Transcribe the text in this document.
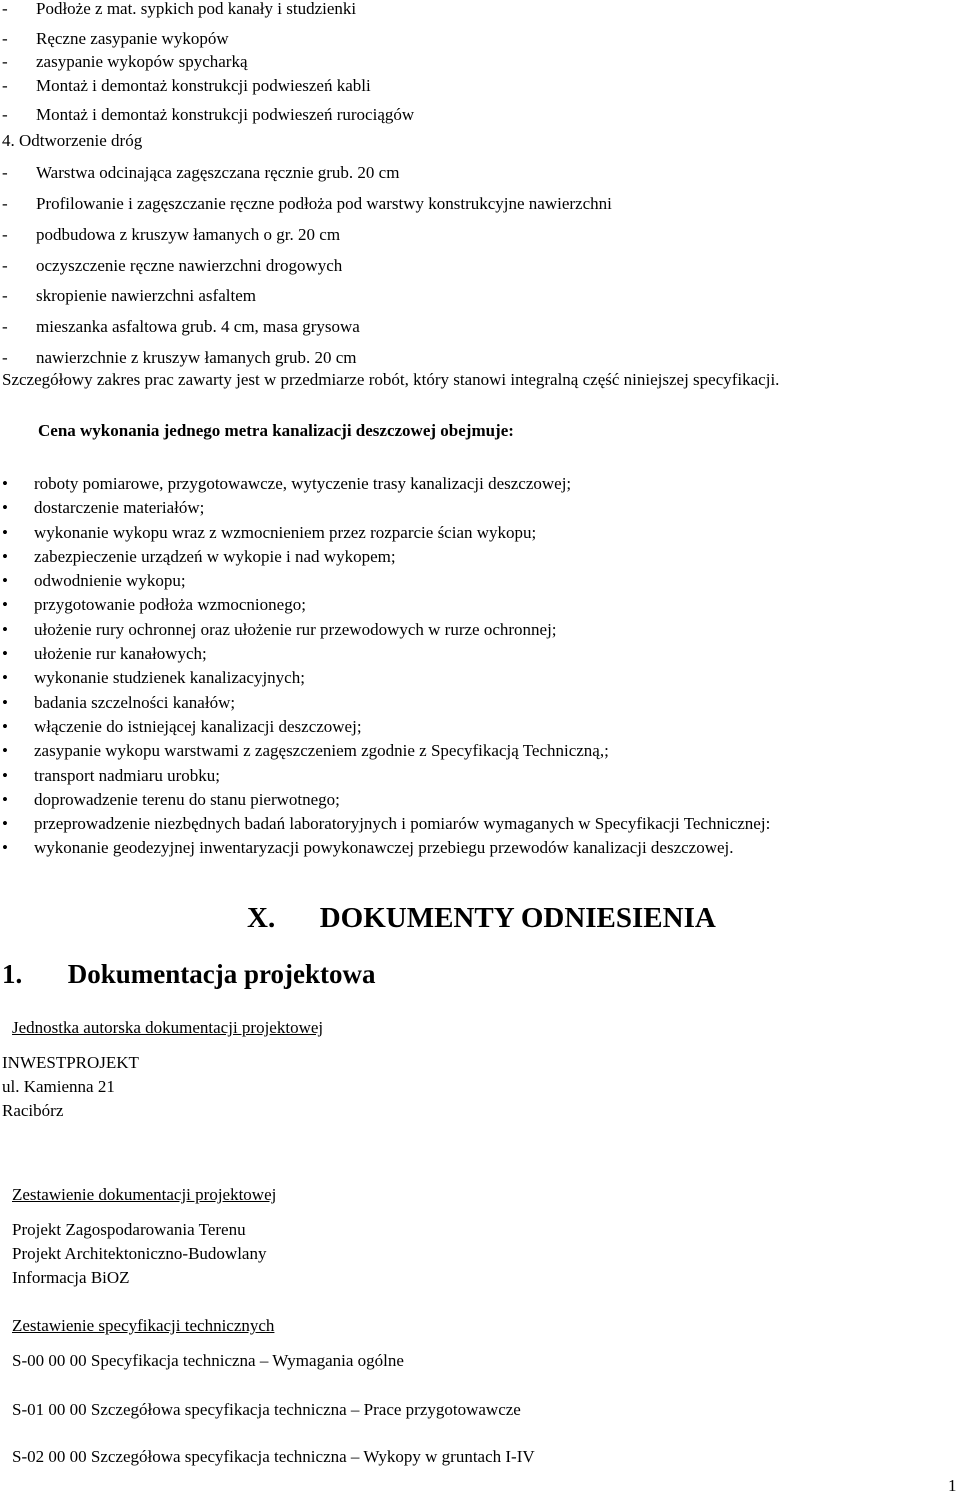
- Podłoże z mat. sypkich pod kanały i studzienki
- Ręczne zasypanie wykopów
- zasypanie wykopów spycharką
- Montaż i demontaż konstrukcji podwieszeń kabli
- Montaż i demontaż konstrukcji podwieszeń rurociągów
4. Odtworzenie dróg
- Warstwa odcinająca zagęszczana ręcznie grub. 20 cm
- Profilowanie i zagęszczanie ręczne podłoża pod warstwy konstrukcyjne nawierzchni
- podbudowa z kruszyw łamanych o gr. 20 cm
- oczyszczenie ręczne nawierzchni drogowych
- skropienie nawierzchni asfaltem
- mieszanka asfaltowa grub. 4 cm, masa grysowa
- nawierzchnie z kruszyw łamanych grub. 20 cm
Szczegółowy zakres prac zawarty jest w przedmiarze robót, który stanowi integralną część niniejszej specyfikacji.
Cena wykonania jednego metra kanalizacji deszczowej obejmuje:
• roboty pomiarowe, przygotowawcze, wytyczenie trasy kanalizacji deszczowej;
• dostarczenie materiałów;
• wykonanie wykopu wraz z wzmocnieniem przez rozparcie ścian wykopu;
• zabezpieczenie urządzeń w wykopie i nad wykopem;
• odwodnienie wykopu;
• przygotowanie podłoża wzmocnionego;
• ułożenie rury ochronnej oraz ułożenie rur przewodowych w rurze ochronnej;
• ułożenie rur kanałowych;
• wykonanie studzienek kanalizacyjnych;
• badania szczelności kanałów;
• włączenie do istniejącej kanalizacji deszczowej;
• zasypanie wykopu warstwami z zagęszczeniem zgodnie z Specyfikacją Techniczną,;
• transport nadmiaru urobku;
• doprowadzenie terenu do stanu pierwotnego;
• przeprowadzenie niezbędnych badań laboratoryjnych i pomiarów wymaganych w Specyfikacji Technicznej:
• wykonanie geodezyjnej inwentaryzacji powykonawczej przebiegu przewodów kanalizacji deszczowej.
X. DOKUMENTY ODNIESIENIA
1. Dokumentacja projektowa
Jednostka autorska dokumentacji projektowej
INWESTPROJEKT
ul. Kamienna 21
Racibórz
Zestawienie dokumentacji projektowej
Projekt Zagospodarowania Terenu
Projekt Architektoniczno-Budowlany
Informacja BiOZ
Zestawienie specyfikacji technicznych
S-00 00 00 Specyfikacja techniczna – Wymagania ogólne
S-01 00 00 Szczegółowa specyfikacja techniczna – Prace przygotowawcze
S-02 00 00 Szczegółowa specyfikacja techniczna – Wykopy w gruntach I-IV
1
